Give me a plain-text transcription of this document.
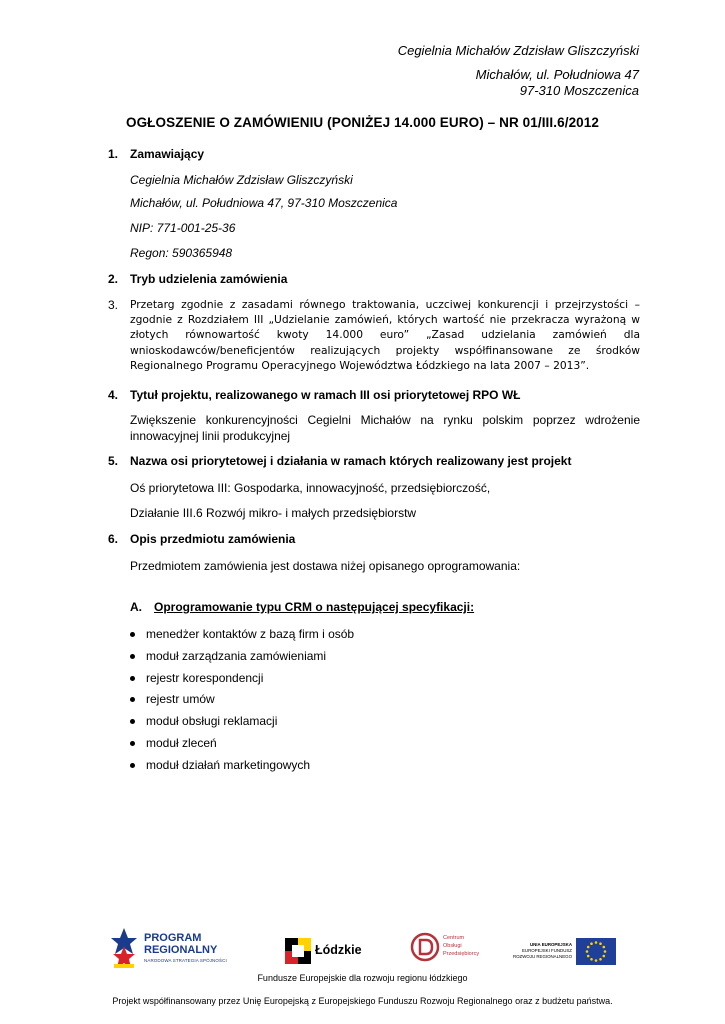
Cegielnia Michałów Zdzisław Gliszczyński
Michałów, ul. Południowa 47
97-310 Moszczenica
OGŁOSZENIE O ZAMÓWIENIU (PONIŻEJ 14.000 EURO) – NR 01/III.6/2012
1. Zamawiający
Cegielnia Michałów Zdzisław Gliszczyński
Michałów, ul. Południowa 47, 97-310 Moszczenica
NIP: 771-001-25-36
Regon: 590365948
2. Tryb udzielenia zamówienia
3. Przetarg zgodnie z zasadami równego traktowania, uczciwej konkurencji i przejrzystości – zgodnie z Rozdziałem III „Udzielanie zamówień, których wartość nie przekracza wyrażoną w złotych równowartość kwoty 14.000 euro” „Zasad udzielania zamówień dla wnioskodawców/beneficjentów realizujących projekty współfinansowane ze środków Regionalnego Programu Operacyjnego Województwa Łódzkiego na lata 2007 – 2013”.
4. Tytuł projektu, realizowanego w ramach III osi priorytetowej RPO WŁ
Zwiększenie konkurencyjności Cegielni Michałów na rynku polskim poprzez wdrożenie innowacyjnej linii produkcyjnej
5. Nazwa osi priorytetowej i działania w ramach których realizowany jest projekt
Oś priorytetowa III: Gospodarka, innowacyjność, przedsiębiorczość,
Działanie III.6 Rozwój mikro- i małych przedsiębiorstw
6. Opis przedmiotu zamówienia
Przedmiotem zamówienia jest dostawa niżej opisanego oprogramowania:
A. Oprogramowanie typu CRM o następującej specyfikacji:
menedżer kontaktów z bazą firm i osób
moduł zarządzania zamówieniami
rejestr korespondencji
rejestr umów
moduł obsługi reklamacji
moduł zleceń
moduł działań marketingowych
PROGRAM
REGIONALNY
NARODOWA STRATEGIA SPÓJNOŚCI
Łódzkie
Centrum
Obsługi
Przedsiębiorcy
UNIA EUROPEJSKA
EUROPEJSKI FUNDUSZ
ROZWOJU REGIONALNEGO
Fundusze Europejskie dla rozwoju regionu łódzkiego
Projekt współfinansowany przez Unię Europejską z Europejskiego Funduszu Rozwoju Regionalnego oraz z budżetu państwa.
